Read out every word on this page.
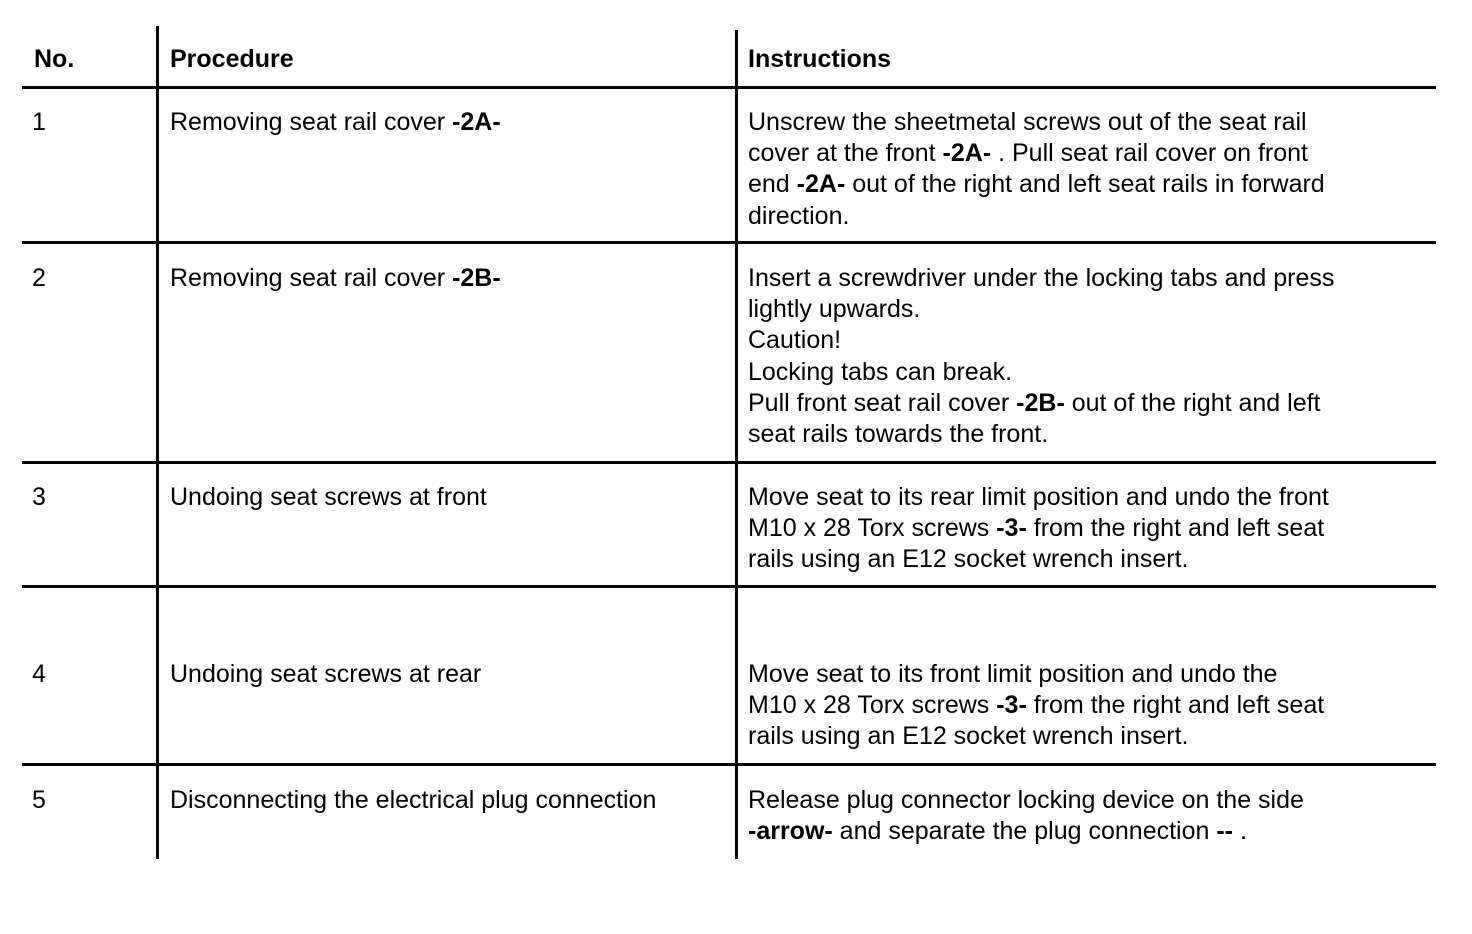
No.	Procedure	Instructions
1	Removing seat rail cover -2A-	Unscrew the sheetmetal screws out of the seat rail
cover at the front -2A- . Pull seat rail cover on front
end -2A- out of the right and left seat rails in forward
direction.
2	Removing seat rail cover -2B-	Insert a screwdriver under the locking tabs and press
lightly upwards.
Caution!
Locking tabs can break.
Pull front seat rail cover -2B- out of the right and left
seat rails towards the front.
3	Undoing seat screws at front	Move seat to its rear limit position and undo the front
M10 x 28 Torx screws -3- from the right and left seat
rails using an E12 socket wrench insert.
4	Undoing seat screws at rear	Move seat to its front limit position and undo the
M10 x 28 Torx screws -3- from the right and left seat
rails using an E12 socket wrench insert.
5	Disconnecting the electrical plug connection	Release plug connector locking device on the side
-arrow- and separate the plug connection -- .
